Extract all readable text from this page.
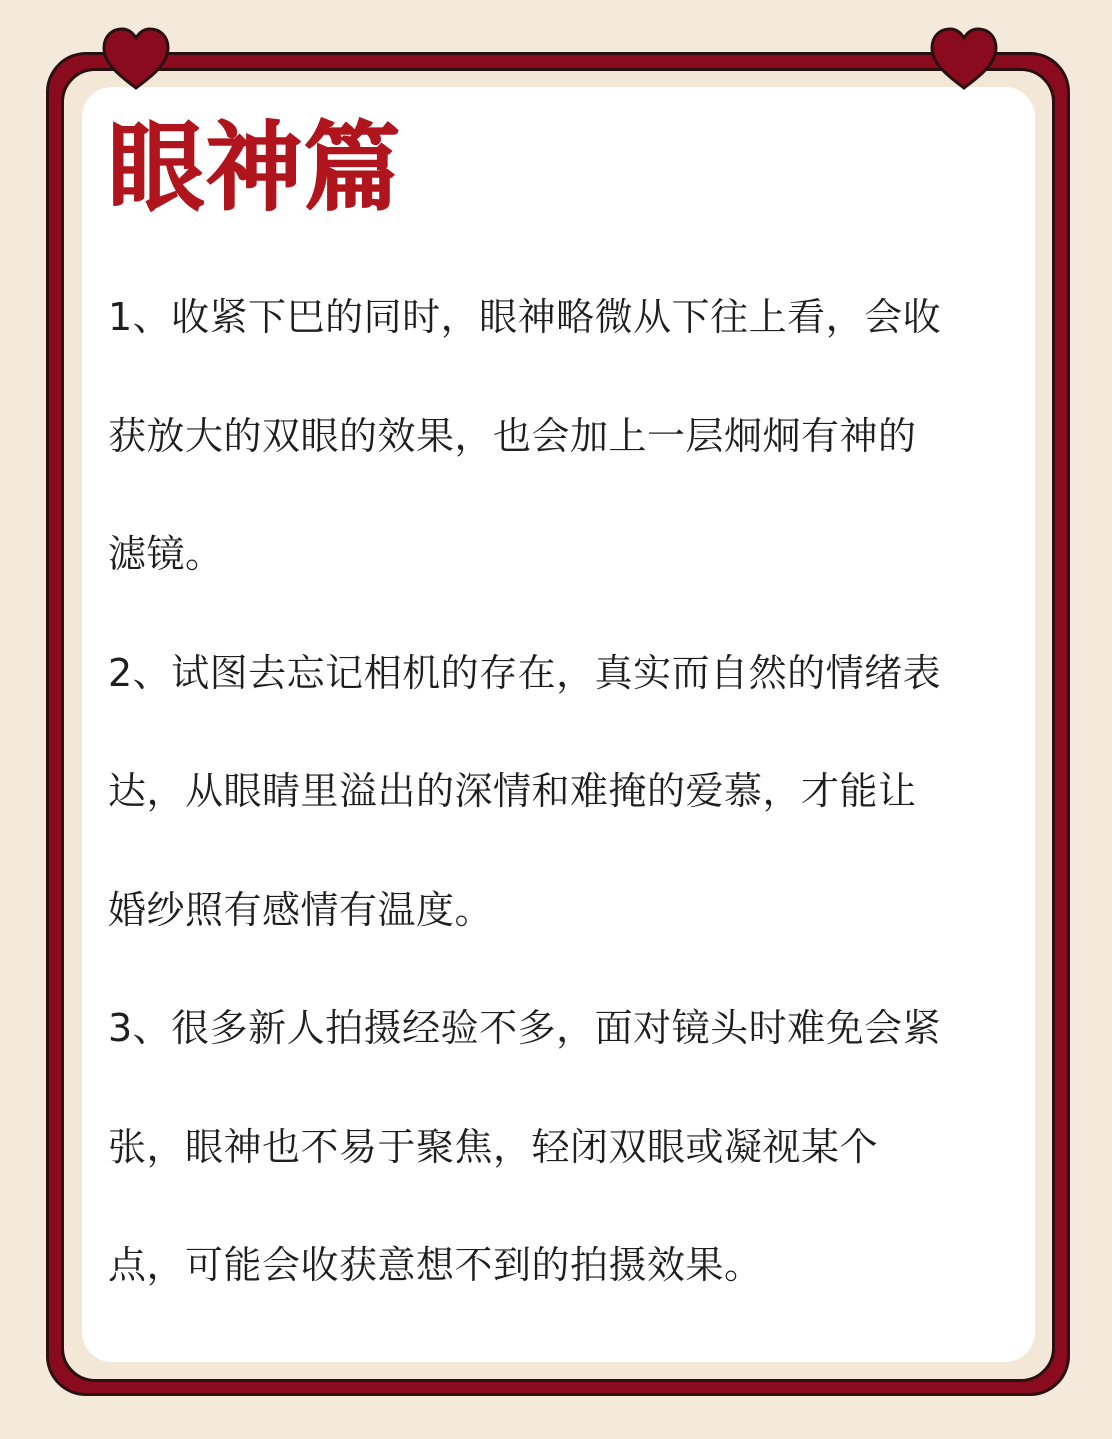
眼神篇
1、收紧下巴的同时，眼神略微从下往上看，会收
获放大的双眼的效果，也会加上一层炯炯有神的
滤镜。
2、试图去忘记相机的存在，真实而自然的情绪表
达，从眼睛里溢出的深情和难掩的爱慕，才能让
婚纱照有感情有温度。
3、很多新人拍摄经验不多，面对镜头时难免会紧
张，眼神也不易于聚焦，轻闭双眼或凝视某个
点，可能会收获意想不到的拍摄效果。
